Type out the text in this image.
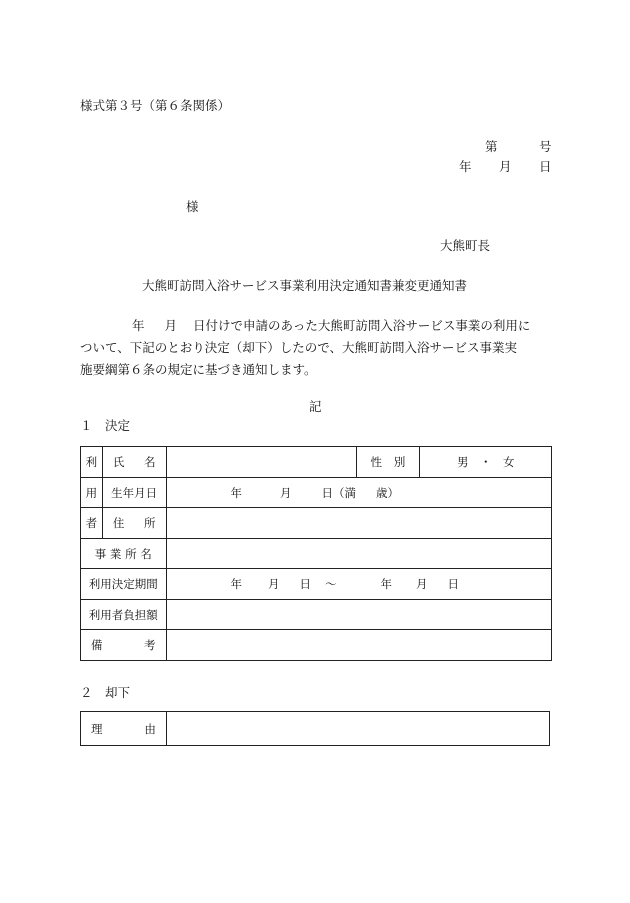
様式第３号（第６条関係）
第	号
年 月 日
様
大熊町長
大熊町訪問入浴サービス事業利用決定通知書兼変更通知書
年 月 日付けで申請のあった大熊町訪問入浴サービス事業の利用に
ついて、下記のとおり決定（却下）したので、大熊町訪問入浴サービス事業実
施要綱第６条の規定に基づき通知します。
記
１　決定
利	氏 名		性 別	男　・　女
用	生年月日	年 月 日（満 歳）		
者	住 所			

事 業 所 名				
利用決定期間		年 月 日 ～ 年 月 日		
利用者負担額				

備 考				

２　却下
理	由
